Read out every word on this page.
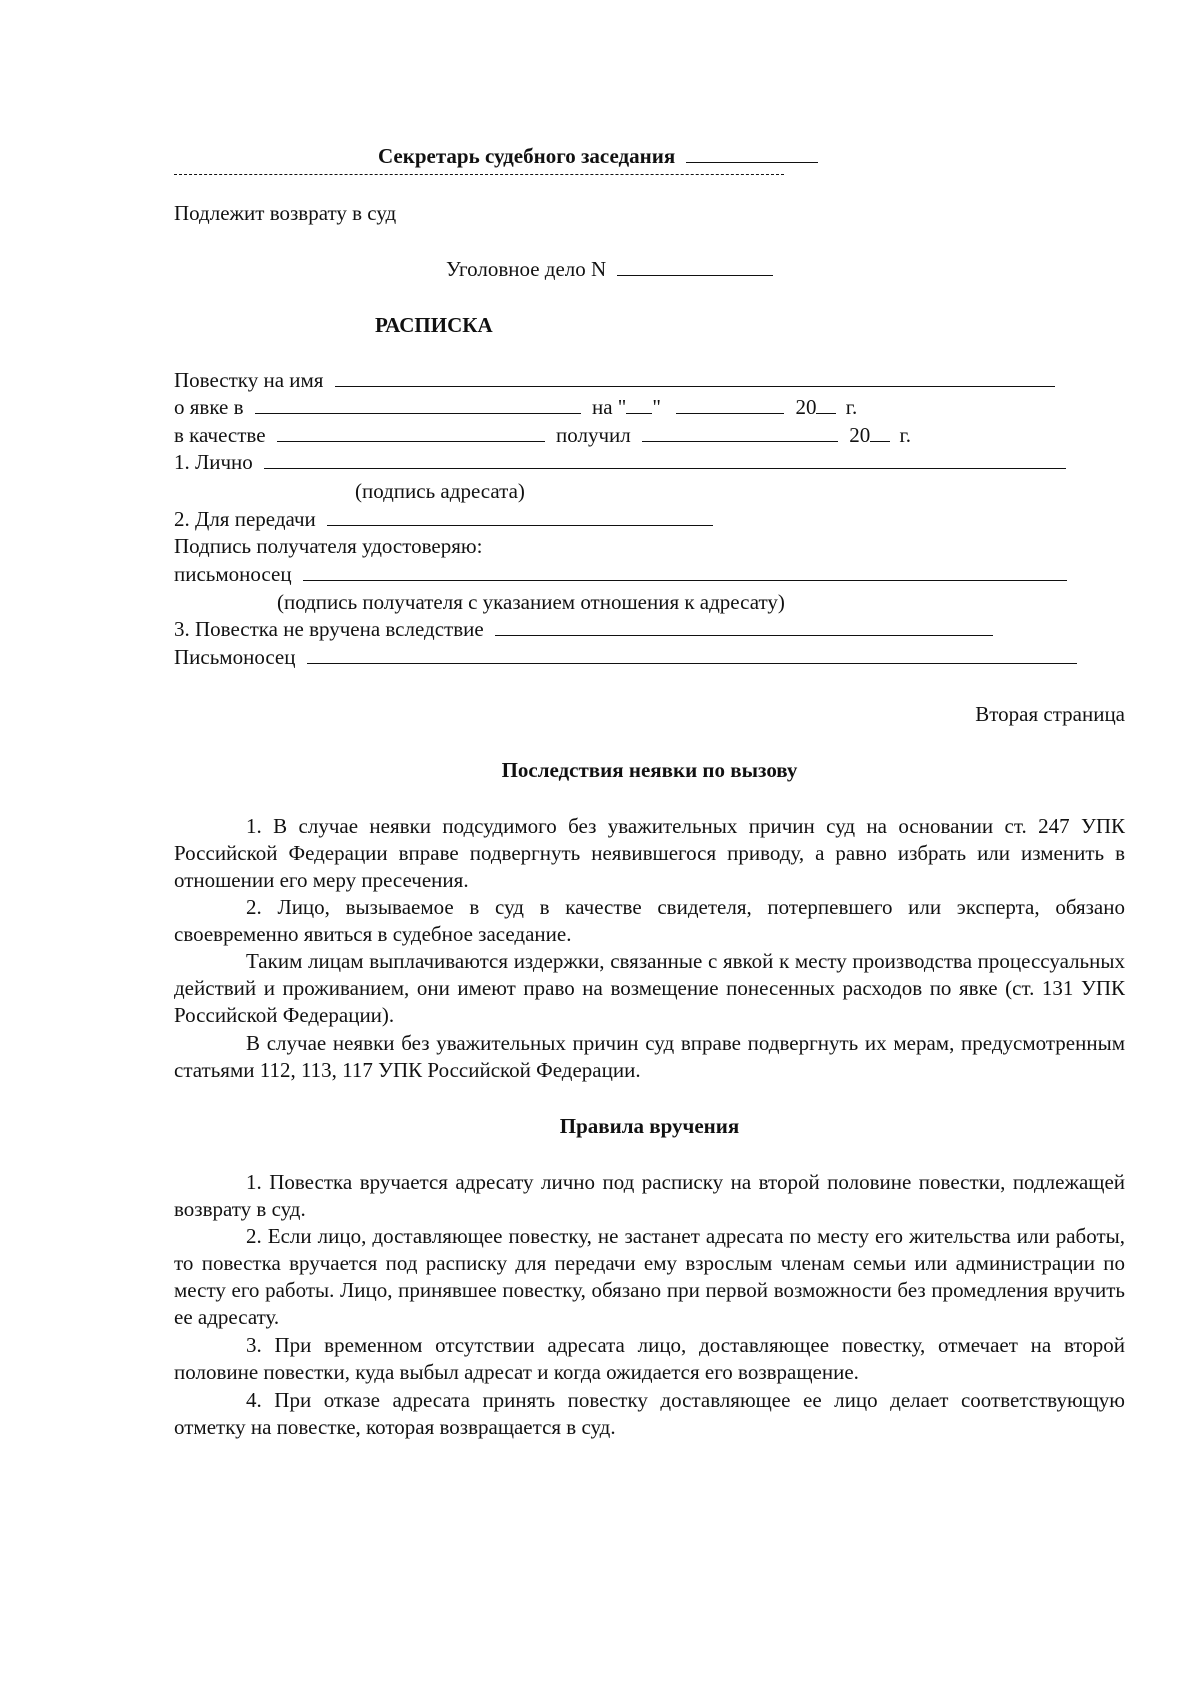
Секретарь судебного заседания
Подлежит возврату в суд
Уголовное дело N
РАСПИСКА
Повестку на имя
о явке в	на " "	20 г.
в качестве	получил	20 г.
1. Лично
(подпись адресата)
2. Для передачи
Подпись получателя удостоверяю:
письмоносец
(подпись получателя с указанием отношения к адресату)
3. Повестка не вручена вследствие
Письмоносец
Вторая страница
Последствия неявки по вызову
1. В случае неявки подсудимого без уважительных причин суд на основании ст. 247 УПК Российской Федерации вправе подвергнуть неявившегося приводу, а равно избрать или изменить в отношении его меру пресечения.
2. Лицо, вызываемое в суд в качестве свидетеля, потерпевшего или эксперта, обязано своевременно явиться в судебное заседание.
Таким лицам выплачиваются издержки, связанные с явкой к месту производства процессуальных действий и проживанием, они имеют право на возмещение понесенных расходов по явке (ст. 131 УПК Российской Федерации).
В случае неявки без уважительных причин суд вправе подвергнуть их мерам, предусмотренным статьями 112, 113, 117 УПК Российской Федерации.
Правила вручения
1. Повестка вручается адресату лично под расписку на второй половине повестки, подлежащей возврату в суд.
2. Если лицо, доставляющее повестку, не застанет адресата по месту его жительства или работы, то повестка вручается под расписку для передачи ему взрослым членам семьи или администрации по месту его работы. Лицо, принявшее повестку, обязано при первой возможности без промедления вручить ее адресату.
3. При временном отсутствии адресата лицо, доставляющее повестку, отмечает на второй половине повестки, куда выбыл адресат и когда ожидается его возвращение.
4. При отказе адресата принять повестку доставляющее ее лицо делает соответствующую отметку на повестке, которая возвращается в суд.
